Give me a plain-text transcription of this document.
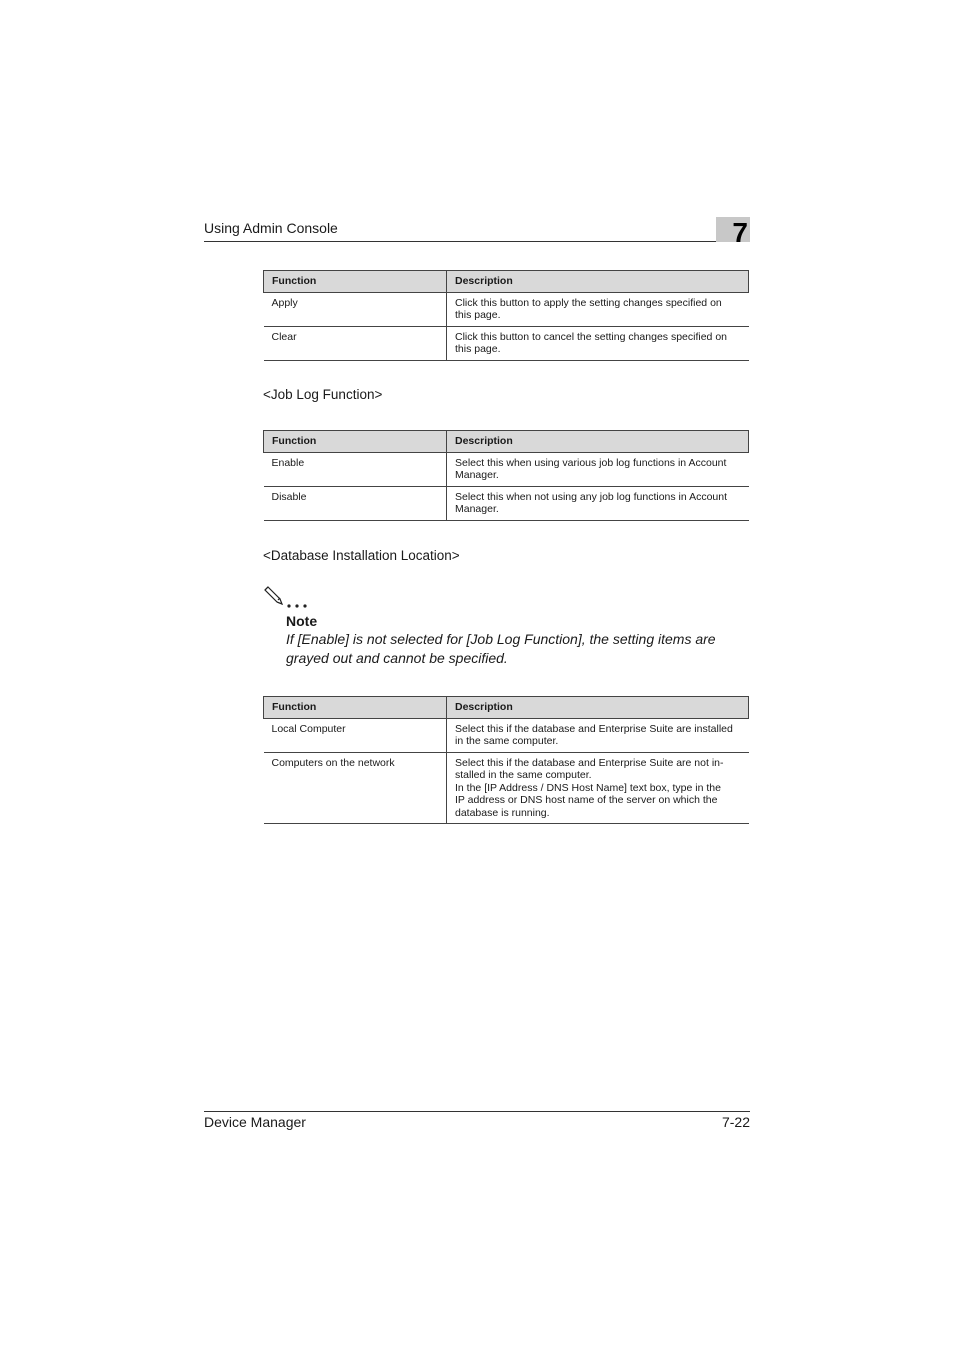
Using Admin Console	7
Function	Description
Apply	Click this button to apply the setting changes specified on
this page.

Clear	Click this button to cancel the setting changes specified on
this page.
<Job Log Function>
Function	Description
Enable	Select this when using various job log functions in Account
Manager.

Disable	Select this when not using any job log functions in Account
Manager.
<Database Installation Location>
Note
If [Enable] is not selected for [Job Log Function], the setting items are
grayed out and cannot be specified.
Function	Description
Local Computer	Select this if the database and Enterprise Suite are installed
in the same computer.

Computers on the network	Select this if the database and Enterprise Suite are not in-
stalled in the same computer.
In the [IP Address / DNS Host Name] text box, type in the
IP address or DNS host name of the server on which the
database is running.
Device Manager	7-22
